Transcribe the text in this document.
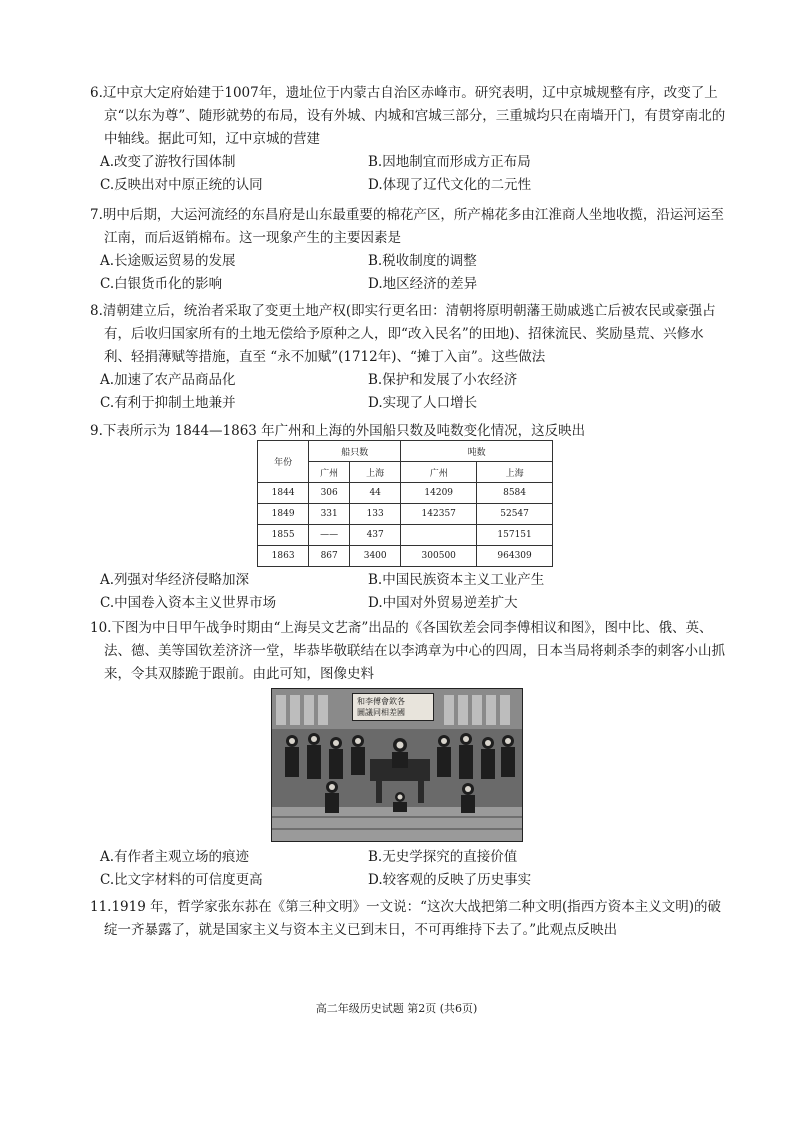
6.辽中京大定府始建于1007年，遗址位于内蒙古自治区赤峰市。研究表明，辽中京城规整有序，改变了上京“以东为尊”、随形就势的布局，设有外城、内城和宫城三部分，三重城均只在南墙开门，有贯穿南北的中轴线。据此可知，辽中京城的营建

A.改变了游牧行国体制	B.因地制宜而形成方正布局
C.反映出对中原正统的认同	D.体现了辽代文化的二元性

7.明中后期，大运河流经的东昌府是山东最重要的棉花产区，所产棉花多由江淮商人坐地收揽，沿运河运至江南，而后返销棉布。这一现象产生的主要因素是

A.长途贩运贸易的发展	B.税收制度的调整
C.白银货币化的影响	D.地区经济的差异

8.清朝建立后，统治者采取了变更土地产权(即实行更名田：清朝将原明朝藩王勋戚逃亡后被农民或豪强占有，后收归国家所有的土地无偿给予原种之人，即“改入民名”的田地)、招徕流民、奖励垦荒、兴修水利、轻捐薄赋等措施，直至 “永不加赋”(1712年)、“摊丁入亩”。这些做法

A.加速了农产品商品化	B.保护和发展了小农经济
C.有利于抑制土地兼并	D.实现了人口增长

9.下表所示为 1844—1863 年广州和上海的外国船只数及吨数变化情况，这反映出

年份	船只数		吨数	
	广州	上海	广州	上海
1844	306	44	14209	8584
1849	331	133	142357	52547
1855	——	437		157151
1863	867	3400	300500	964309
A.列强对华经济侵略加深	B.中国民族资本主义工业产生
C.中国卷入资本主义世界市场	D.中国对外贸易逆差扩大

10.下图为中日甲午战争时期由“上海吴文艺斋”出品的《各国钦差会同李傅相议和图》，图中比、俄、英、法、德、美等国钦差济济一堂，毕恭毕敬联结在以李鸿章为中心的四周，日本当局将刺杀李的刺客小山抓来，令其双膝跪于跟前。由此可知，图像史料

和李傅會欽各
圖議同相差國
A.有作者主观立场的痕迹	B.无史学探究的直接价值
C.比文字材料的可信度更高	D.较客观的反映了历史事实

11.1919 年，哲学家张东荪在《第三种文明》一文说：“这次大战把第二种文明(指西方资本主义文明)的破绽一齐暴露了，就是国家主义与资本主义已到末日，不可再维持下去了。”此观点反映出

高二年级历史试题 第2页 (共6页)
